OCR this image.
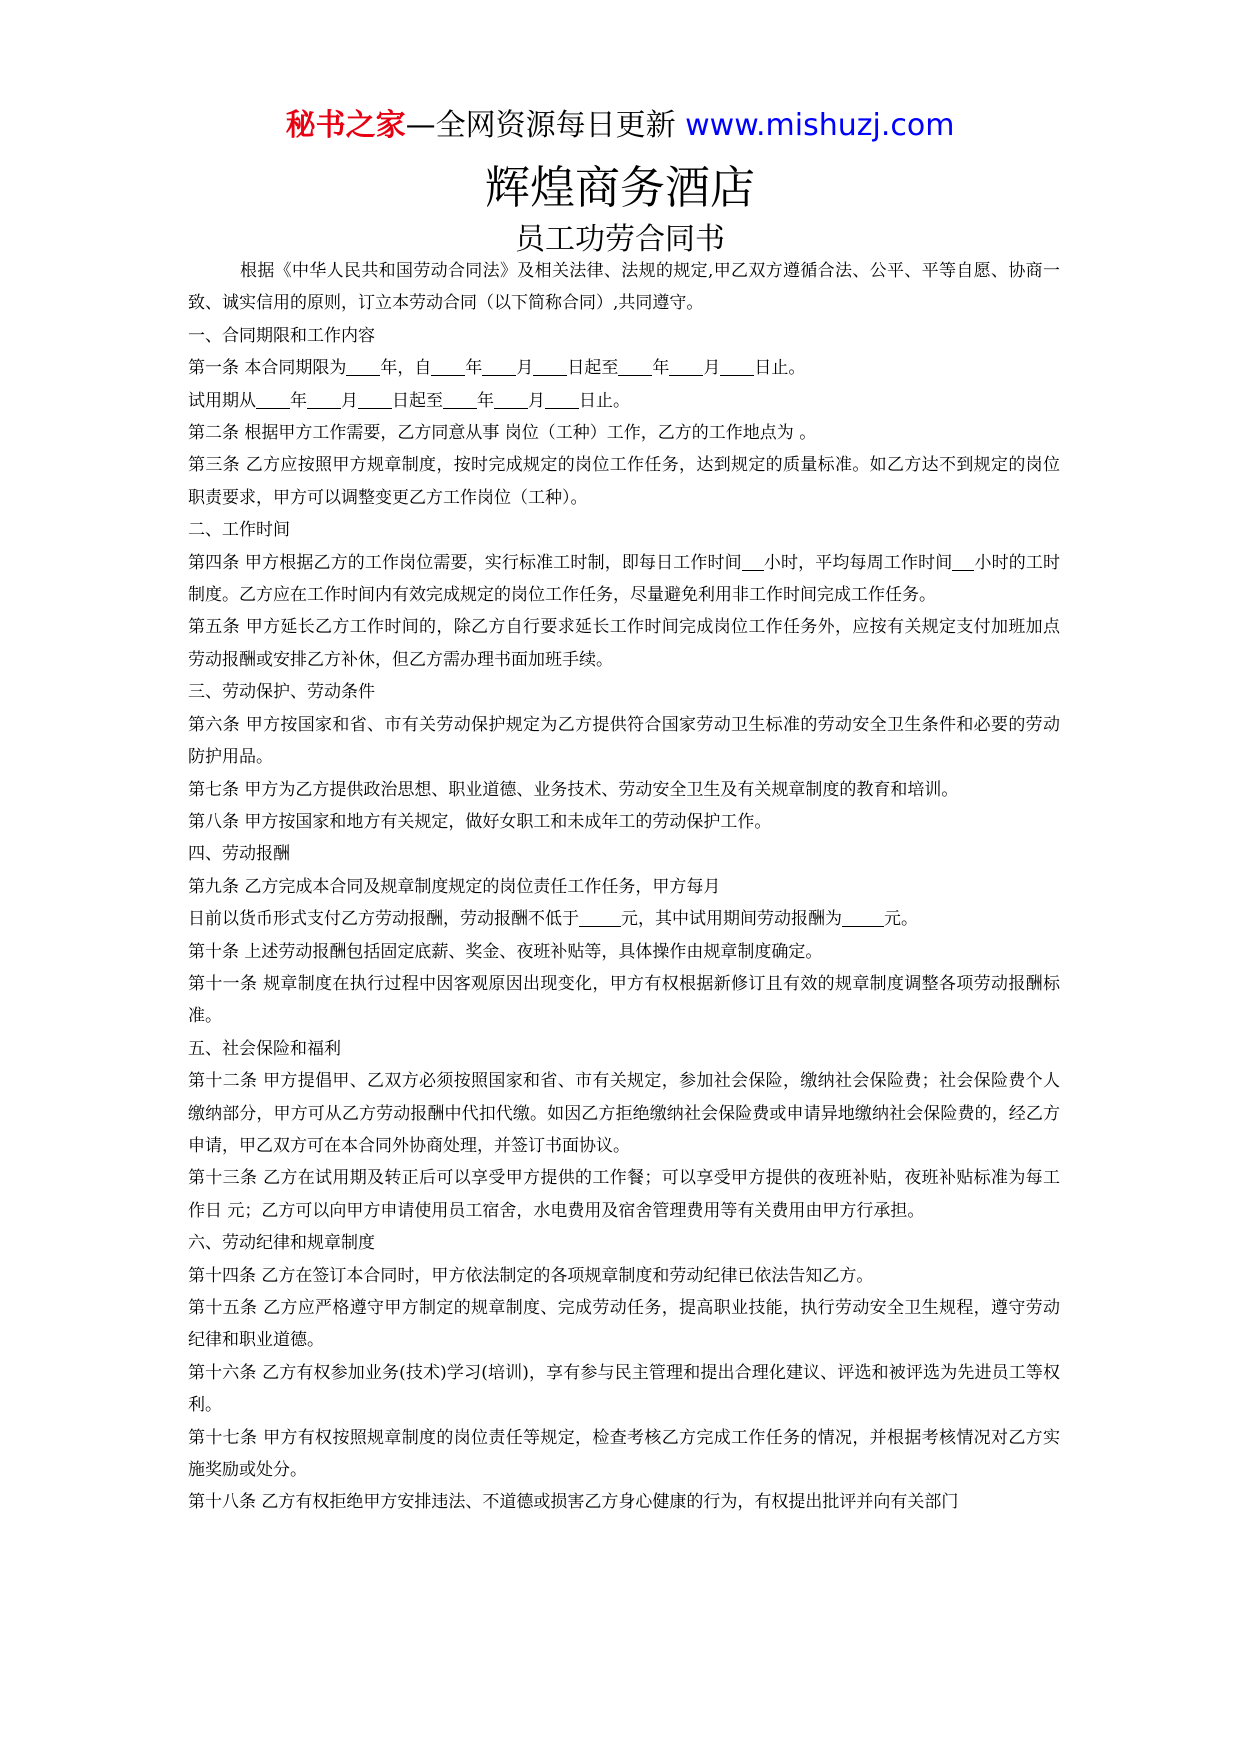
秘书之家—全网资源每日更新 www.mishuzj.com
辉煌商务酒店
员工功劳合同书

根据《中华人民共和国劳动合同法》及相关法律、法规的规定,甲乙双方遵循合法、公平、平等自愿、协商一致、诚实信用的原则，订立本劳动合同（以下简称合同）,共同遵守。

一、合同期限和工作内容

第一条 本合同期限为 年，自 年 月 日起至 年 月 日止。

试用期从 年 月 日起至 年 月 日止。

第二条 根据甲方工作需要，乙方同意从事 岗位（工种）工作，乙方的工作地点为 。

第三条 乙方应按照甲方规章制度，按时完成规定的岗位工作任务，达到规定的质量标准。如乙方达不到规定的岗位职责要求，甲方可以调整变更乙方工作岗位（工种）。

二、工作时间

第四条 甲方根据乙方的工作岗位需要，实行标准工时制，即每日工作时间 小时，平均每周工作时间 小时的工时制度。乙方应在工作时间内有效完成规定的岗位工作任务，尽量避免利用非工作时间完成工作任务。

第五条 甲方延长乙方工作时间的，除乙方自行要求延长工作时间完成岗位工作任务外，应按有关规定支付加班加点劳动报酬或安排乙方补休，但乙方需办理书面加班手续。

三、劳动保护、劳动条件

第六条 甲方按国家和省、市有关劳动保护规定为乙方提供符合国家劳动卫生标准的劳动安全卫生条件和必要的劳动防护用品。

第七条 甲方为乙方提供政治思想、职业道德、业务技术、劳动安全卫生及有关规章制度的教育和培训。

第八条 甲方按国家和地方有关规定，做好女职工和未成年工的劳动保护工作。

四、劳动报酬

第九条 乙方完成本合同及规章制度规定的岗位责任工作任务，甲方每月

日前以货币形式支付乙方劳动报酬，劳动报酬不低于 元，其中试用期间劳动报酬为 元。

第十条 上述劳动报酬包括固定底薪、奖金、夜班补贴等，具体操作由规章制度确定。

第十一条 规章制度在执行过程中因客观原因出现变化，甲方有权根据新修订且有效的规章制度调整各项劳动报酬标准。

五、社会保险和福利

第十二条 甲方提倡甲、乙双方必须按照国家和省、市有关规定，参加社会保险，缴纳社会保险费；社会保险费个人缴纳部分，甲方可从乙方劳动报酬中代扣代缴。如因乙方拒绝缴纳社会保险费或申请异地缴纳社会保险费的，经乙方申请，甲乙双方可在本合同外协商处理，并签订书面协议。

第十三条 乙方在试用期及转正后可以享受甲方提供的工作餐；可以享受甲方提供的夜班补贴，夜班补贴标准为每工作日 元；乙方可以向甲方申请使用员工宿舍，水电费用及宿舍管理费用等有关费用由甲方行承担。

六、劳动纪律和规章制度

第十四条 乙方在签订本合同时，甲方依法制定的各项规章制度和劳动纪律已依法告知乙方。

第十五条 乙方应严格遵守甲方制定的规章制度、完成劳动任务，提高职业技能，执行劳动安全卫生规程，遵守劳动纪律和职业道德。

第十六条 乙方有权参加业务(技术)学习(培训)，享有参与民主管理和提出合理化建议、评选和被评选为先进员工等权利。

第十七条 甲方有权按照规章制度的岗位责任等规定，检查考核乙方完成工作任务的情况，并根据考核情况对乙方实施奖励或处分。

第十八条 乙方有权拒绝甲方安排违法、不道德或损害乙方身心健康的行为，有权提出批评并向有关部门
